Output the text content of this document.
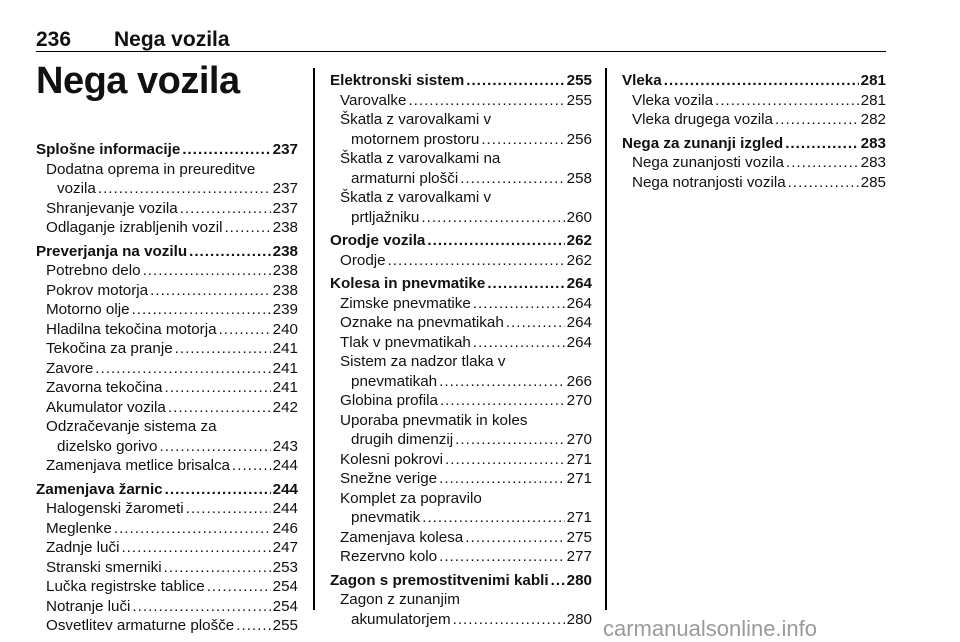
236 Nega vozila
Nega vozila
Splošne informacije .....	237
Dodatna oprema in preureditve
vozila .....	237
Shranjevanje vozila .....	237
Odlaganje izrabljenih vozil .....	238
Preverjanja na vozilu .....	238
Potrebno delo .....	238
Pokrov motorja .....	238
Motorno olje .....	239
Hladilna tekočina motorja .....	240
Tekočina za pranje .....	241
Zavore .....	241
Zavorna tekočina .....	241
Akumulator vozila .....	242
Odzračevanje sistema za
dizelsko gorivo .....	243
Zamenjava metlice brisalca .....	244
Zamenjava žarnic .....	244
Halogenski žarometi .....	244
Meglenke .....	246
Zadnje luči .....	247
Stranski smerniki .....	253
Lučka registrske tablice .....	254
Notranje luči .....	254
Osvetlitev armaturne plošče .....	255
Elektronski sistem .....	255
Varovalke .....	255
Škatla z varovalkami v
motornem prostoru .....	256
Škatla z varovalkami na
armaturni plošči .....	258
Škatla z varovalkami v
prtljažniku .....	260
Orodje vozila .....	262
Orodje .....	262
Kolesa in pnevmatike .....	264
Zimske pnevmatike .....	264
Oznake na pnevmatikah .....	264
Tlak v pnevmatikah .....	264
Sistem za nadzor tlaka v
pnevmatikah .....	266
Globina profila .....	270
Uporaba pnevmatik in koles
drugih dimenzij .....	270
Kolesni pokrovi .....	271
Snežne verige .....	271
Komplet za popravilo
pnevmatik .....	271
Zamenjava kolesa .....	275
Rezervno kolo .....	277
Zagon s premostitvenimi kabli ..... 280
Zagon z zunanjim
akumulatorjem .....	280
Vleka .....	281
Vleka vozila .....	281
Vleka drugega vozila .....	282
Nega za zunanji izgled .....	283
Nega zunanjosti vozila .....	283
Nega notranjosti vozila .....	285
carmanualsonline.info
